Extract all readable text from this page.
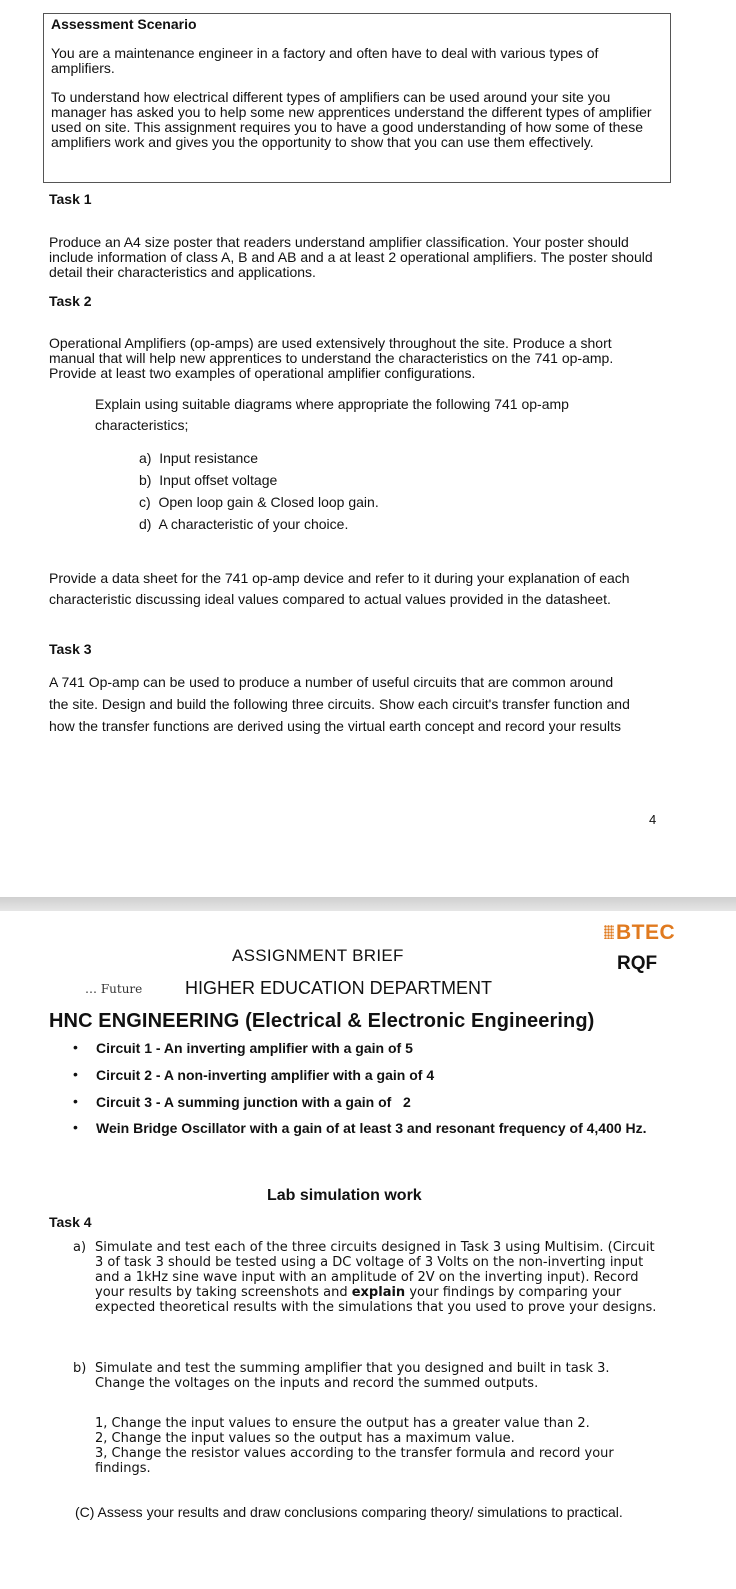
Assessment Scenario
You are a maintenance engineer in a factory and often have to deal with various types of amplifiers.
To understand how electrical different types of amplifiers can be used around your site you manager has asked you to help some new apprentices understand the different types of amplifier used on site. This assignment requires you to have a good understanding of how some of these amplifiers work and gives you the opportunity to show that you can use them effectively.
Task 1
Produce an A4 size poster that readers understand amplifier classification. Your poster should include information of class A, B and AB and a at least 2 operational amplifiers. The poster should detail their characteristics and applications.
Task 2
Operational Amplifiers (op-amps) are used extensively throughout the site. Produce a short manual that will help new apprentices to understand the characteristics on the 741 op-amp. Provide at least two examples of operational amplifier configurations.
Explain using suitable diagrams where appropriate the following 741 op-amp characteristics;
a) Input resistance
b) Input offset voltage
c) Open loop gain & Closed loop gain.
d) A characteristic of your choice.
Provide a data sheet for the 741 op-amp device and refer to it during your explanation of each characteristic discussing ideal values compared to actual values provided in the datasheet.
Task 3
A 741 Op-amp can be used to produce a number of useful circuits that are common around the site. Design and build the following three circuits. Show each circuit's transfer function and how the transfer functions are derived using the virtual earth concept and record your results
4
BTEC
RQF
ASSIGNMENT BRIEF
… Future HIGHER EDUCATION DEPARTMENT
HNC ENGINEERING (Electrical & Electronic Engineering)
• Circuit 1 - An inverting amplifier with a gain of 5
• Circuit 2 - A non-inverting amplifier with a gain of 4
• Circuit 3 - A summing junction with a gain of   2
• Wein Bridge Oscillator with a gain of at least 3 and resonant frequency of 4,400 Hz.
Lab simulation work
Task 4
a) Simulate and test each of the three circuits designed in Task 3 using Multisim. (Circuit 3 of task 3 should be tested using a DC voltage of 3 Volts on the non-inverting input and a 1kHz sine wave input with an amplitude of 2V on the inverting input). Record your results by taking screenshots and explain your findings by comparing your expected theoretical results with the simulations that you used to prove your designs.
b) Simulate and test the summing amplifier that you designed and built in task 3. Change the voltages on the inputs and record the summed outputs.
1, Change the input values to ensure the output has a greater value than 2.
2, Change the input values so the output has a maximum value.
3, Change the resistor values according to the transfer formula and record your findings.
(C) Assess your results and draw conclusions comparing theory/ simulations to practical.
